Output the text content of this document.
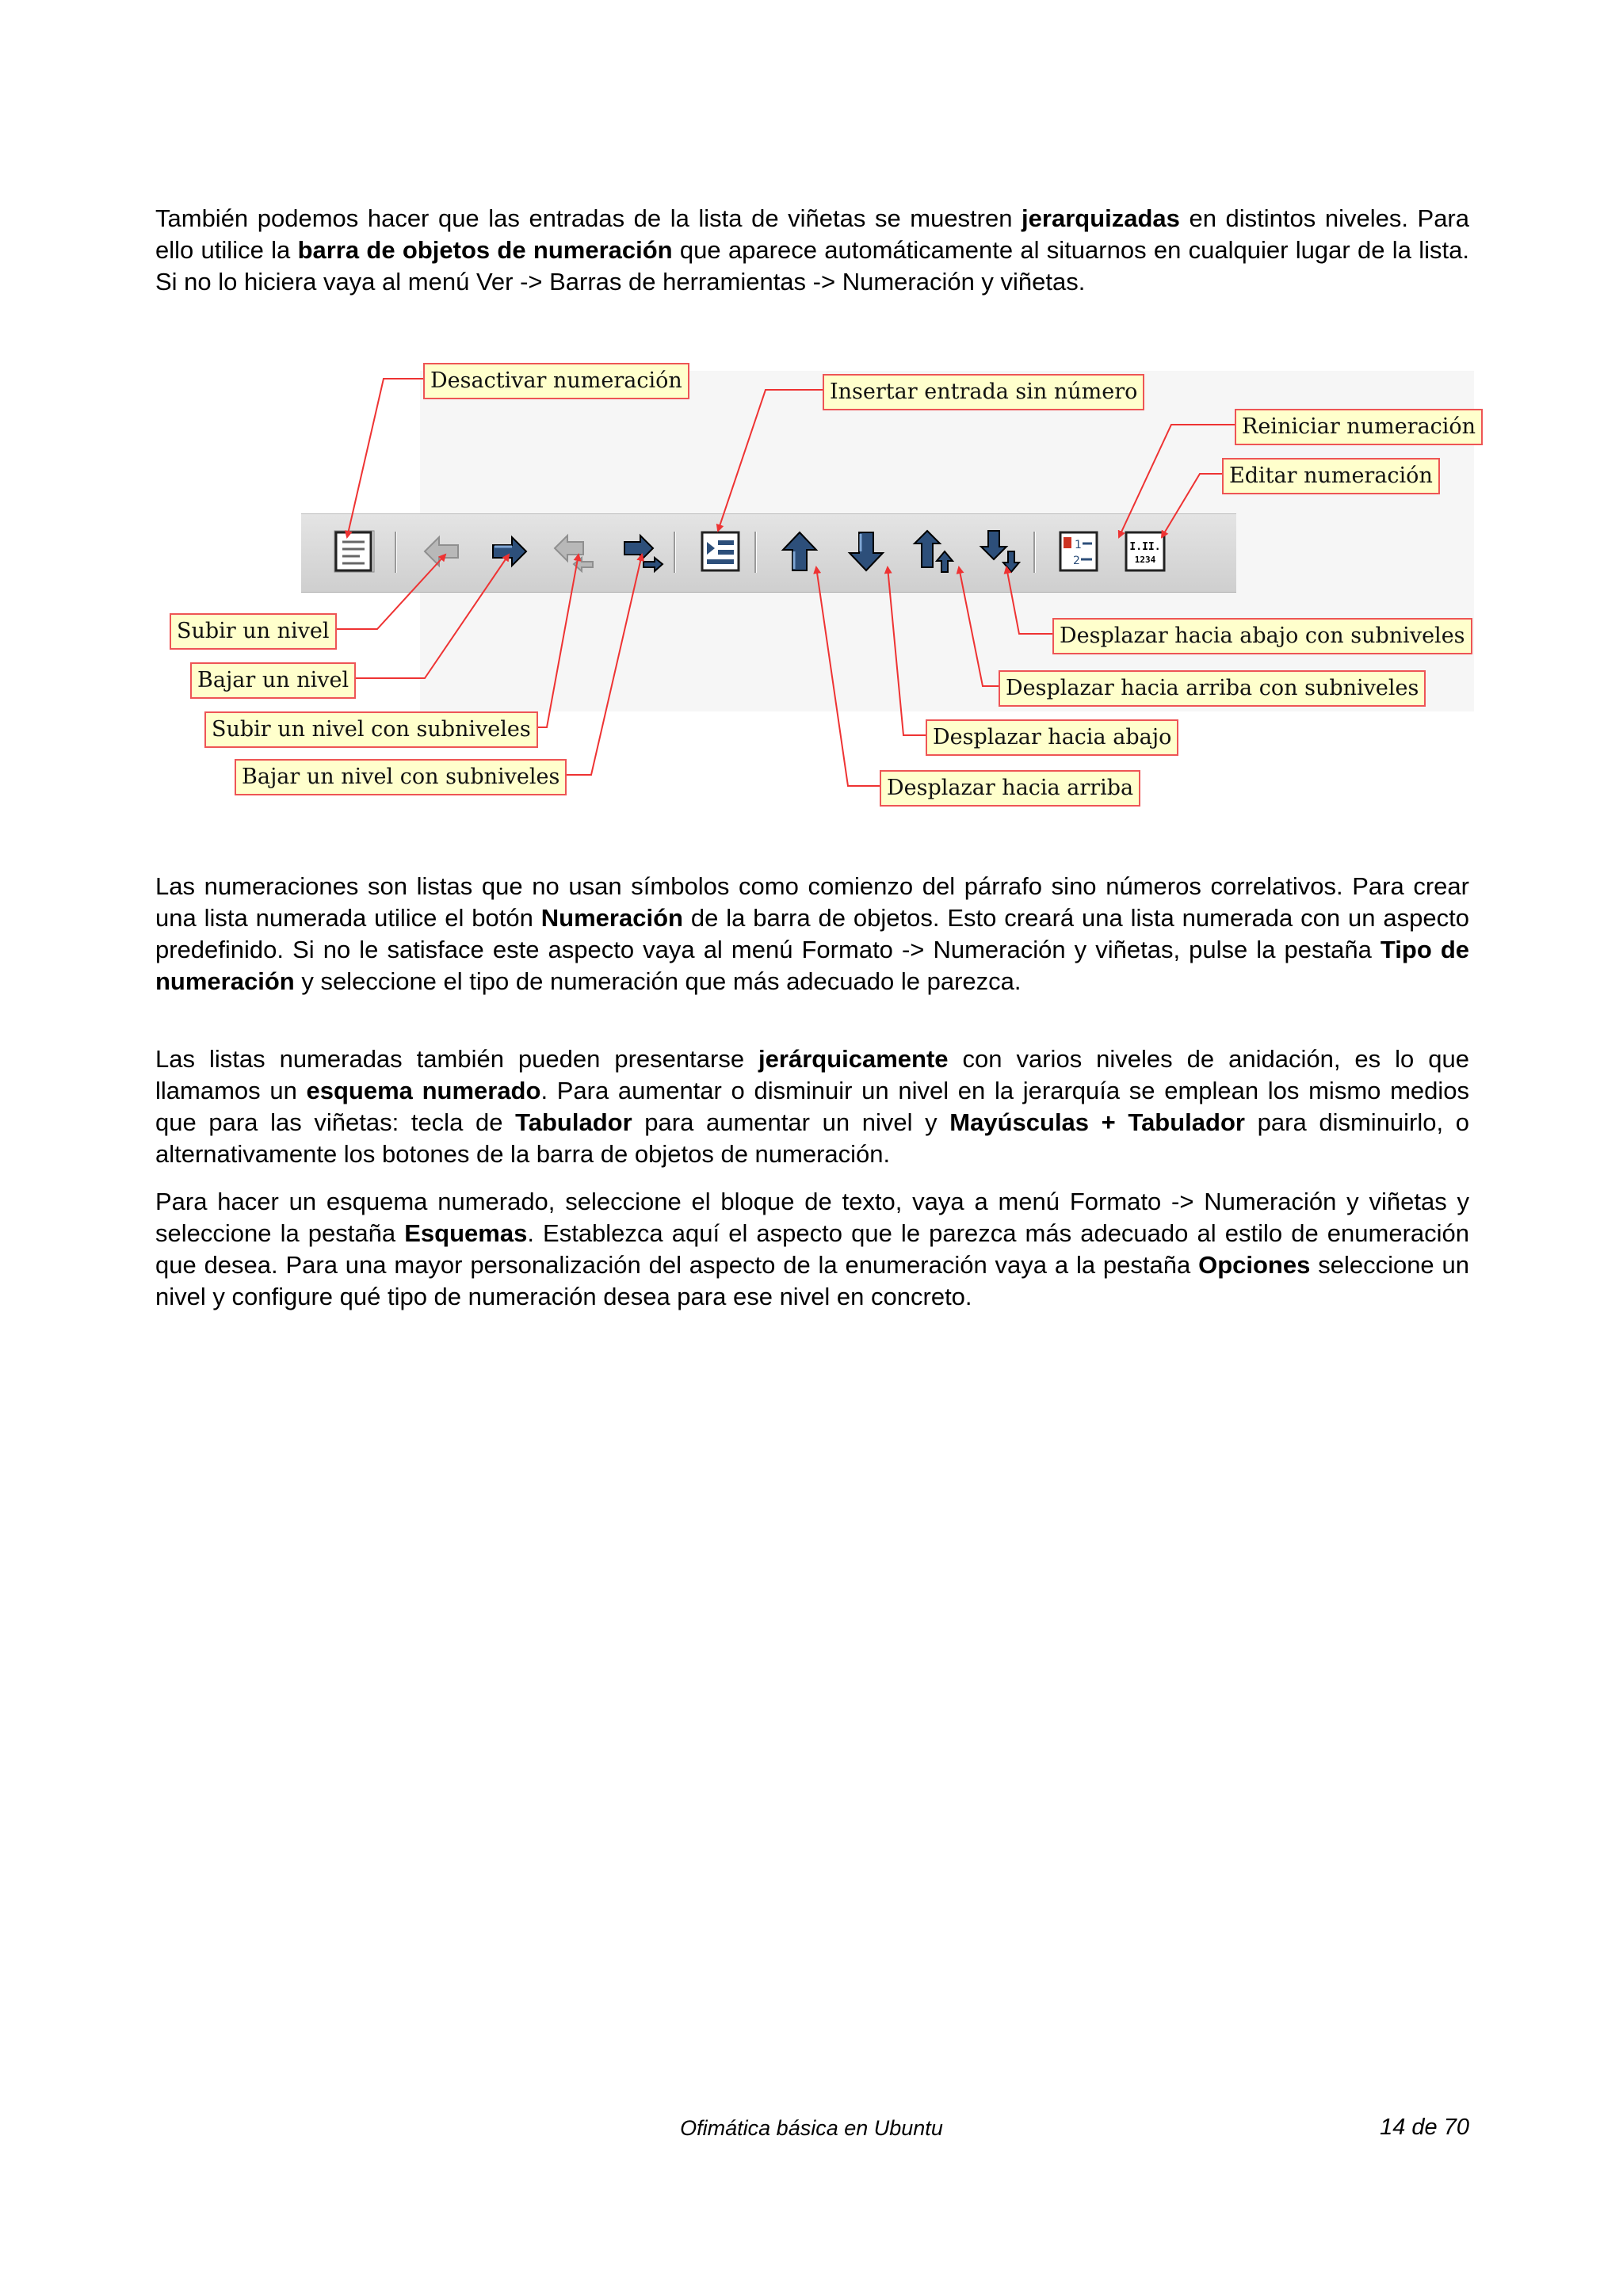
También podemos hacer que las entradas de la lista de viñetas se muestren jerarquizadas en distintos niveles. Para ello utilice la barra de objetos de numeración que aparece automáticamente al situarnos en cualquier lugar de la lista. Si no lo hiciera vaya al menú Ver -> Barras de herramientas -> Numeración y viñetas.

1
2
I.II.
1234
Desactivar numeración	Insertar entrada sin número
Reiniciar numeración
Editar numeración
Subir un nivel
Bajar un nivel
Subir un nivel con subniveles
Bajar un nivel con subniveles
Desplazar hacia abajo con subniveles
Desplazar hacia arriba con subniveles
Desplazar hacia abajo
Desplazar hacia arriba

Las numeraciones son listas que no usan símbolos como comienzo del párrafo sino números correlativos. Para crear una lista numerada utilice el botón Numeración de la barra de objetos. Esto creará una lista numerada con un aspecto predefinido. Si no le satisface este aspecto vaya al menú Formato -> Numeración y viñetas, pulse la pestaña Tipo de numeración y seleccione el tipo de numeración que más adecuado le parezca.

Las listas numeradas también pueden presentarse jerárquicamente con varios niveles de anidación, es lo que llamamos un esquema numerado. Para aumentar o disminuir un nivel en la jerarquía se emplean los mismo medios que para las viñetas: tecla de Tabulador para aumentar un nivel y Mayúsculas + Tabulador para disminuirlo, o alternativamente los botones de la barra de objetos de numeración.

Para hacer un esquema numerado, seleccione el bloque de texto, vaya a menú Formato -> Numeración y viñetas y seleccione la pestaña Esquemas. Establezca aquí el aspecto que le parezca más adecuado al estilo de enumeración que desea. Para una mayor personalización del aspecto de la enumeración vaya a la pestaña Opciones seleccione un nivel y configure qué tipo de numeración desea para ese nivel en concreto.

Ofimática básica en Ubuntu	14 de 70
